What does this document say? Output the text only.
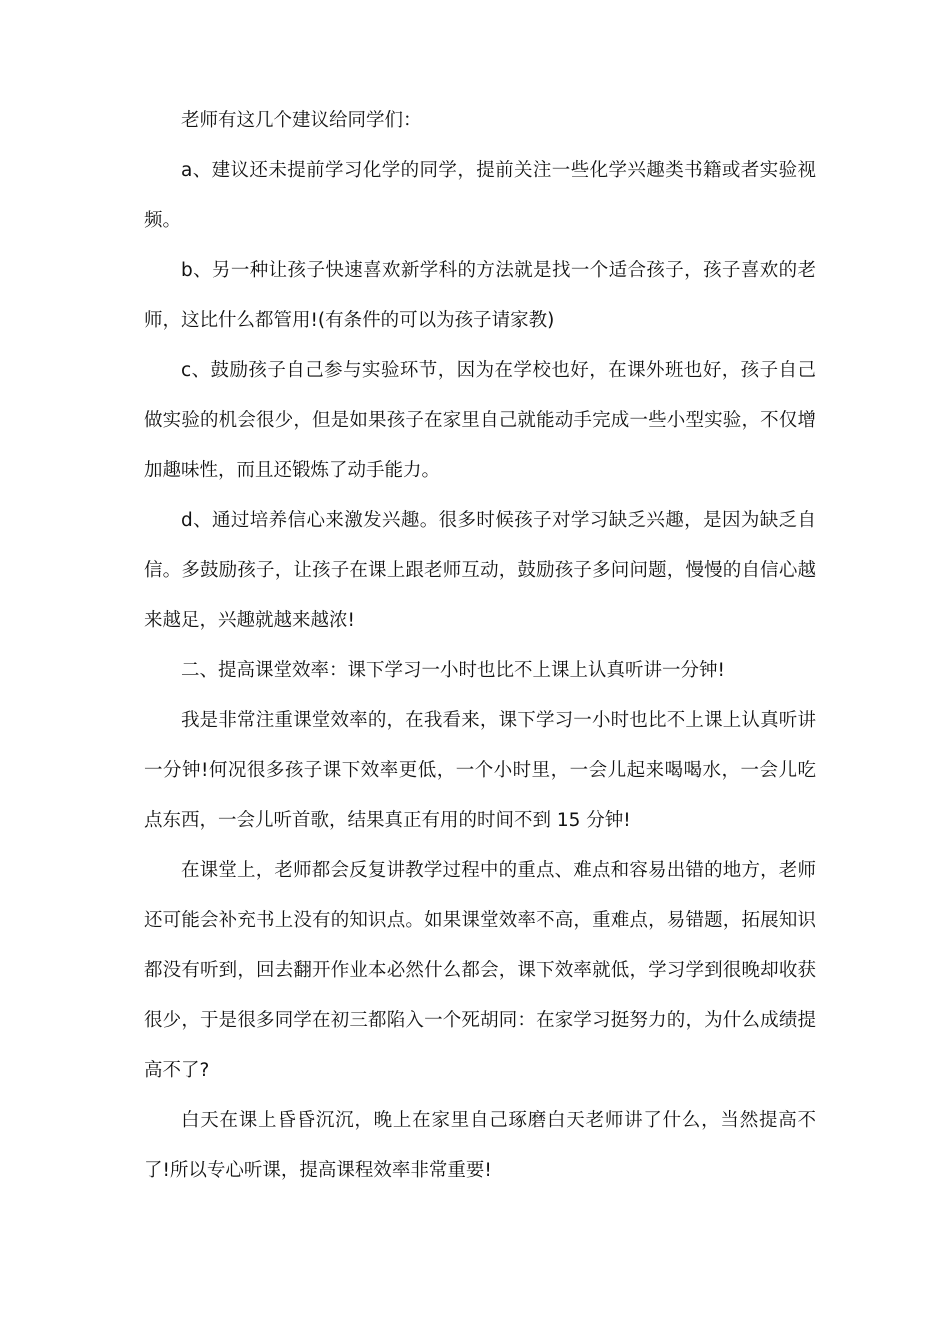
老师有这几个建议给同学们：

a、建议还未提前学习化学的同学，提前关注一些化学兴趣类书籍或者实验视频。

b、另一种让孩子快速喜欢新学科的方法就是找一个适合孩子，孩子喜欢的老师，这比什么都管用!(有条件的可以为孩子请家教)

c、鼓励孩子自己参与实验环节，因为在学校也好，在课外班也好，孩子自己做实验的机会很少，但是如果孩子在家里自己就能动手完成一些小型实验，不仅增加趣味性，而且还锻炼了动手能力。

d、通过培养信心来激发兴趣。很多时候孩子对学习缺乏兴趣，是因为缺乏自信。多鼓励孩子，让孩子在课上跟老师互动，鼓励孩子多问问题，慢慢的自信心越来越足，兴趣就越来越浓!

二、提高课堂效率：课下学习一小时也比不上课上认真听讲一分钟!

我是非常注重课堂效率的，在我看来，课下学习一小时也比不上课上认真听讲一分钟!何况很多孩子课下效率更低，一个小时里，一会儿起来喝喝水，一会儿吃点东西，一会儿听首歌，结果真正有用的时间不到 15 分钟!

在课堂上，老师都会反复讲教学过程中的重点、难点和容易出错的地方，老师还可能会补充书上没有的知识点。如果课堂效率不高，重难点，易错题，拓展知识都没有听到，回去翻开作业本必然什么都会，课下效率就低，学习学到很晚却收获很少，于是很多同学在初三都陷入一个死胡同：在家学习挺努力的，为什么成绩提高不了?

白天在课上昏昏沉沉，晚上在家里自己琢磨白天老师讲了什么，当然提高不了!所以专心听课，提高课程效率非常重要!
